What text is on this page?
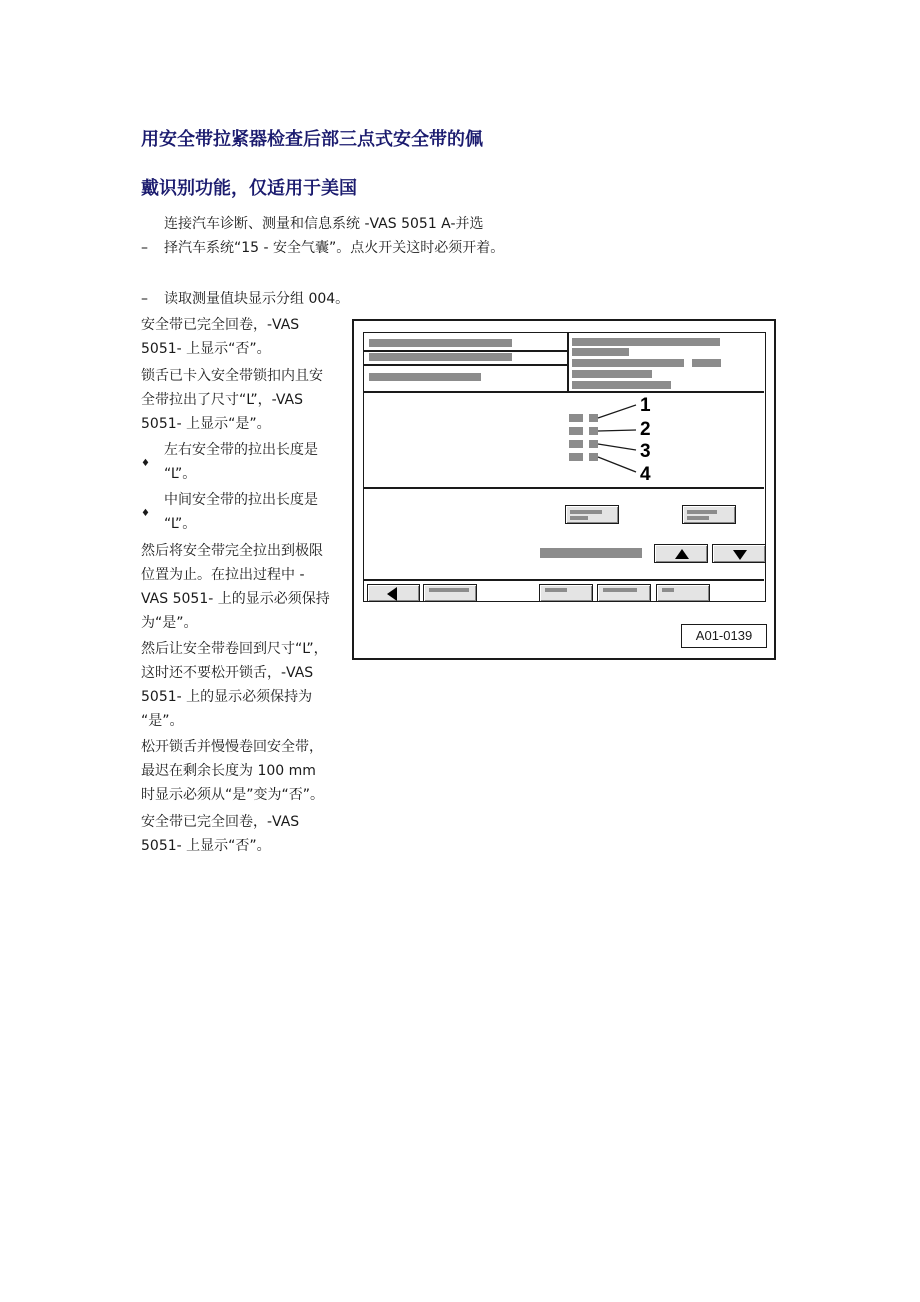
用安全带拉紧器检查后部三点式安全带的佩
戴识别功能，仅适用于美国
连接汽车诊断、测量和信息系统 -VAS 5051 A-并选
– 择汽车系统“15 - 安全气囊”。点火开关这时必须开着。
– 读取测量值块显示分组 004。
安全带已完全回卷，-VAS
5051- 上显示“否”。
锁舌已卡入安全带锁扣内且安
全带拉出了尺寸“L”，-VAS
5051- 上显示“是”。
♦
左右安全带的拉出长度是
“L”。
♦
中间安全带的拉出长度是
“L”。
然后将安全带完全拉出到极限
位置为止。在拉出过程中 -
VAS 5051- 上的显示必须保持
为“是”。
然后让安全带卷回到尺寸“L”，
这时还不要松开锁舌，-VAS
5051- 上的显示必须保持为
“是”。
松开锁舌并慢慢卷回安全带，
最迟在剩余长度为 100 mm
时显示必须从“是”变为“否”。
安全带已完全回卷，-VAS
5051- 上显示“否”。
1
2
3
4
A01-0139
